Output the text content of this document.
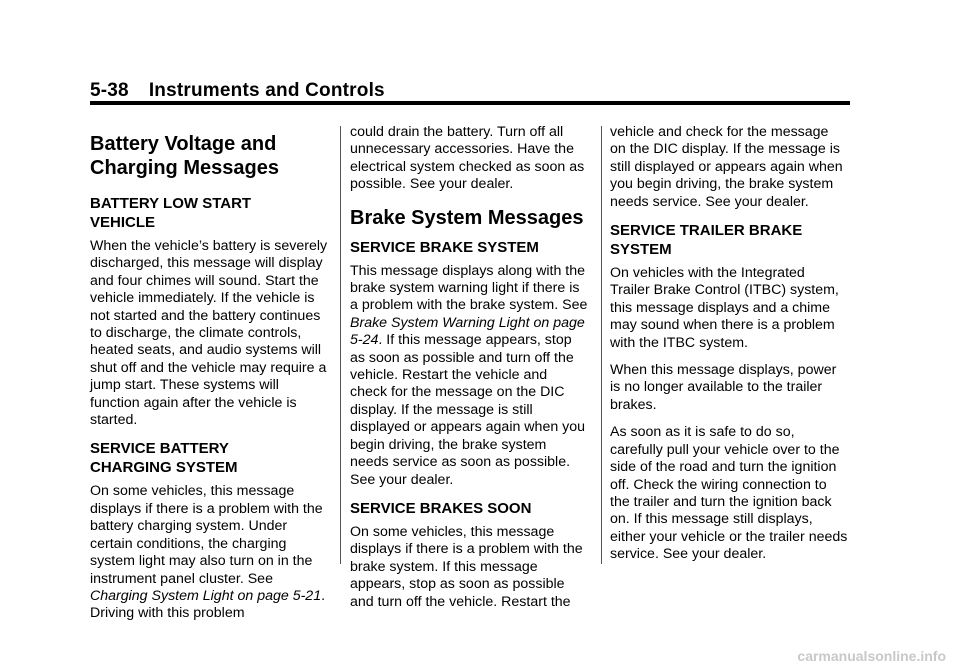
5-38 Instruments and Controls
Battery Voltage and
Charging Messages
BATTERY LOW START
VEHICLE

When the vehicle’s battery is severely discharged, this message will display and four chimes will sound. Start the vehicle immediately. If the vehicle is not started and the battery continues to discharge, the climate controls, heated seats, and audio systems will shut off and the vehicle may require a jump start. These systems will function again after the vehicle is started.

SERVICE BATTERY
CHARGING SYSTEM

On some vehicles, this message displays if there is a problem with the battery charging system. Under certain conditions, the charging system light may also turn on in the instrument panel cluster. See Charging System Light on page 5‑21. Driving with this problem

could drain the battery. Turn off all unnecessary accessories. Have the electrical system checked as soon as possible. See your dealer.

Brake System Messages
SERVICE BRAKE SYSTEM

This message displays along with the brake system warning light if there is a problem with the brake system. See Brake System Warning Light on page 5‑24. If this message appears, stop as soon as possible and turn off the vehicle. Restart the vehicle and check for the message on the DIC display. If the message is still displayed or appears again when you begin driving, the brake system needs service as soon as possible. See your dealer.

SERVICE BRAKES SOON

On some vehicles, this message displays if there is a problem with the brake system. If this message appears, stop as soon as possible and turn off the vehicle. Restart the

vehicle and check for the message on the DIC display. If the message is still displayed or appears again when you begin driving, the brake system needs service. See your dealer.

SERVICE TRAILER BRAKE
SYSTEM

On vehicles with the Integrated Trailer Brake Control (ITBC) system, this message displays and a chime may sound when there is a problem with the ITBC system.

When this message displays, power is no longer available to the trailer brakes.

As soon as it is safe to do so, carefully pull your vehicle over to the side of the road and turn the ignition off. Check the wiring connection to the trailer and turn the ignition back on. If this message still displays, either your vehicle or the trailer needs service. See your dealer.

carmanualsonline.info
